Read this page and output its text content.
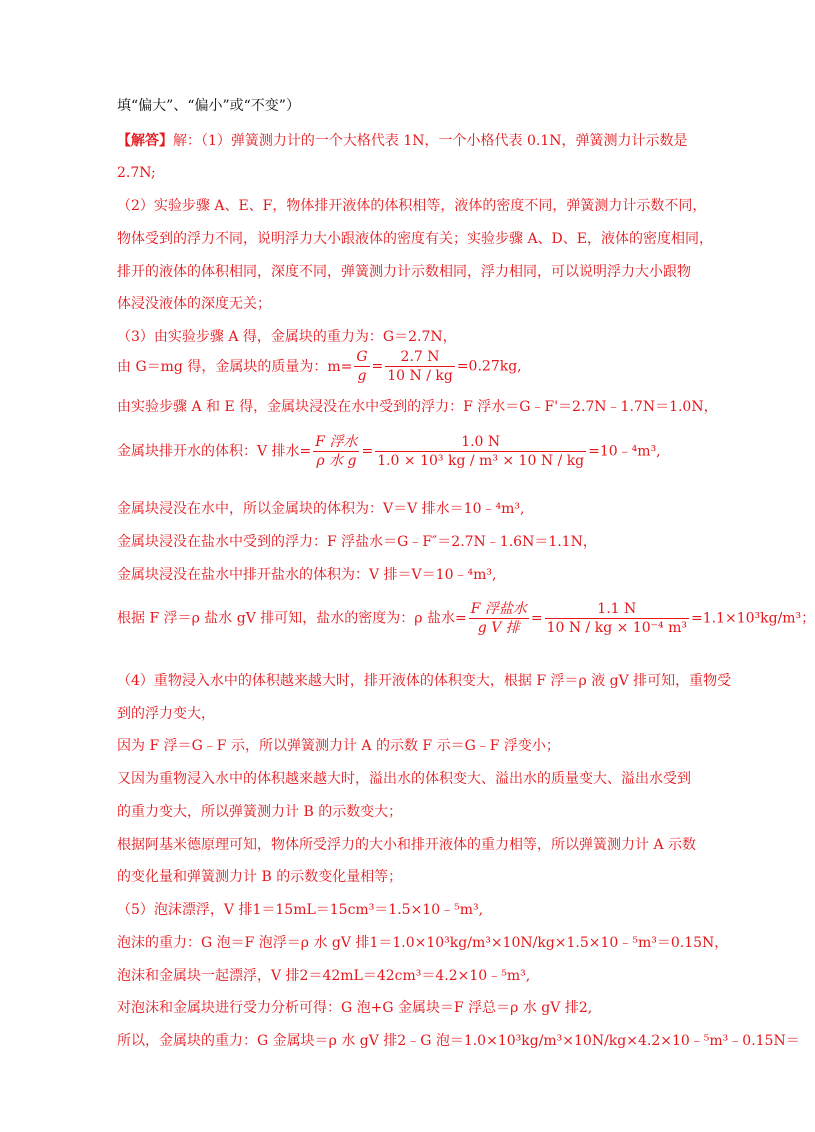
填“偏大”、“偏小”或“不变”）
【解答】解：（1）弹簧测力计的一个大格代表 1N，一个小格代表 0.1N，弹簧测力计示数是
2.7N;
（2）实验步骤 A、E、F，物体排开液体的体积相等，液体的密度不同，弹簧测力计示数不同，
物体受到的浮力不同，说明浮力大小跟液体的密度有关；实验步骤 A、D、E，液体的密度相同，
排开的液体的体积相同，深度不同，弹簧测力计示数相同，浮力相同，可以说明浮力大小跟物
体浸没液体的深度无关；
（3）由实验步骤 A 得，金属块的重力为：G＝2.7N，
由 G＝mg 得，金属块的质量为：$m= \frac{G}{g} = \frac{2.7 N}{10 N / kg} =0.27kg$,
由实验步骤 A 和 E 得，金属块浸没在水中受到的浮力：F 浮水＝G﹣F'＝2.7N﹣1.7N＝1.0N，
金属块排开水的体积：V 排水= $\frac{\text{F 浮水}}{\text{ρ 水 g}} = \frac{1.0 N}{\text{1.0 × 10³ kg / m³ × 10 N / kg}}$ =10﹣⁴m³,
金属块浸没在水中，所以金属块的体积为：V＝V 排水＝10﹣⁴m³,
金属块浸没在盐水中受到的浮力：F 浮盐水＝G﹣F″＝2.7N﹣1.6N＝1.1N，
金属块浸没在盐水中排开盐水的体积为：V 排＝V＝10﹣⁴m³,
根据 F 浮＝ρ 盐水 gV 排可知，盐水的密度为：ρ 盐水= $\frac{\text{F 浮盐水}}{\text{g V 排}} = \frac{1.1 N}{\text{10 N / kg × 10⁻⁴ m³}} =1.1\times 10^3kg/m^3$；
（4）重物浸入水中的体积越来越大时，排开液体的体积变大，根据 F 浮＝ρ 液 gV 排可知，重物受
到的浮力变大，
因为 F 浮＝G﹣F 示，所以弹簧测力计 A 的示数 F 示＝G﹣F 浮变小；
又因为重物浸入水中的体积越来越大时，溢出水的体积变大、溢出水的质量变大、溢出水受到
的重力变大，所以弹簧测力计 B 的示数变大；
根据阿基米德原理可知，物体所受浮力的大小和排开液体的重力相等，所以弹簧测力计 A 示数
的变化量和弹簧测力计 B 的示数变化量相等；
（5）泡沫漂浮，V 排1＝15mL＝15cm³＝1.5×10﹣⁵m³,
泡沫的重力：G 泡＝F 泡浮＝ρ 水 gV 排1＝1.0×10³kg/m³×10N/kg×1.5×10﹣⁵m³＝0.15N，
泡沫和金属块一起漂浮，V 排2＝42mL＝42cm³＝4.2×10﹣⁵m³,
对泡沫和金属块进行受力分析可得：G 泡+G 金属块＝F 浮总＝ρ 水 gV 排2,
所以，金属块的重力：G 金属块＝ρ 水 gV 排2﹣G 泡＝1.0×10³kg/m³×10N/kg×4.2×10﹣⁵m³﹣0.15N＝
